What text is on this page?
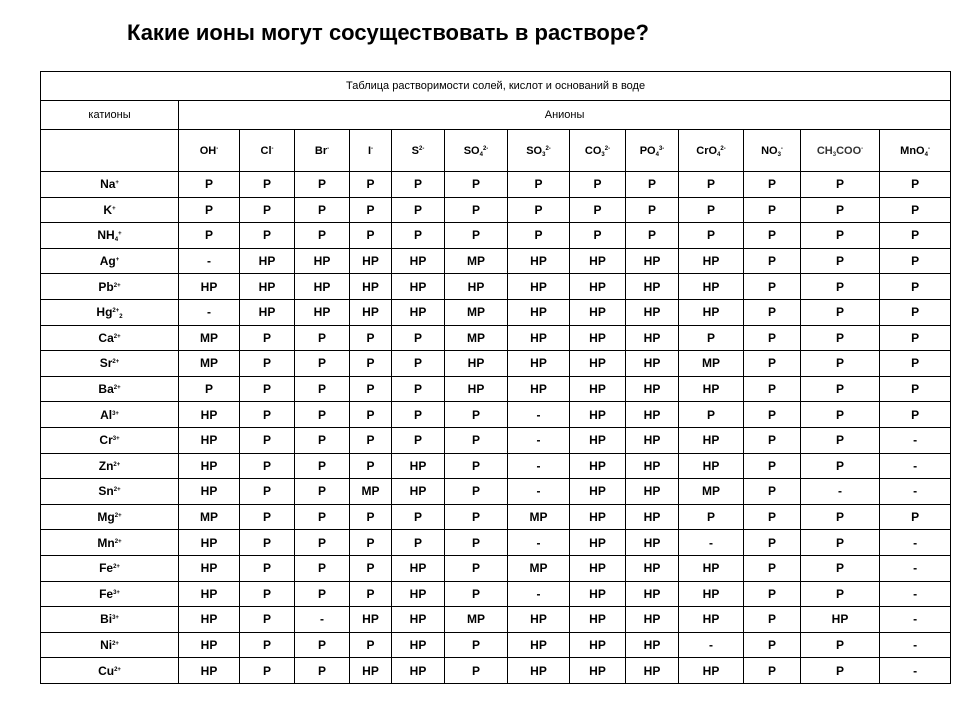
Какие ионы могут сосуществовать в растворе?
Таблица растворимости солей, кислот и оснований в воде													
катионы	Анионы												
	OH-	Cl-	Br-	I-	$S^{2-}$	$SO_4^{2-}$	$SO_3^{2-}$	$CO_3^{2-}$	$PO_4^{3-}$	CrO$_4^{2-}$	$NO_3^-$	$CH_3COO^-$	MnO$_4$-
Na+	Р	Р	Р	Р	Р	Р	Р	Р	Р	Р	Р	Р	Р
K+	Р	Р	Р	Р	Р	Р	Р	Р	Р	Р	Р	Р	Р
$NH_4^+$	Р	Р	Р	Р	Р	Р	Р	Р	Р	Р	Р	Р	Р
Ag+	-	НР	НР	НР	НР	МР	НР	НР	НР	НР	Р	Р	Р
$Pb^{2+}$	НР	НР	НР	НР	НР	НР	НР	НР	НР	НР	Р	Р	Р
$Hg^{2+}_2$	-	НР	НР	НР	НР	МР	НР	НР	НР	НР	Р	Р	Р
$Ca^{2+}$	МР	Р	Р	Р	Р	МР	НР	НР	НР	Р	Р	Р	Р
$Sr^{2+}$	МР	Р	Р	Р	Р	НР	НР	НР	НР	МР	Р	Р	Р
$Ba^{2+}$	Р	Р	Р	Р	Р	НР	НР	НР	НР	НР	Р	Р	Р
$Al^{3+}$	НР	Р	Р	Р	Р	Р	-	НР	НР	Р	Р	Р	Р
$Cr^{3+}$	НР	Р	Р	Р	Р	Р	-	НР	НР	НР	Р	Р	-
$Zn^{2+}$	НР	Р	Р	Р	НР	Р	-	НР	НР	НР	Р	Р	-
$Sn^{2+}$	НР	Р	Р	МР	НР	Р	-	НР	НР	МР	Р	-	-
$Mg^{2+}$	МР	Р	Р	Р	Р	Р	МР	НР	НР	Р	Р	Р	Р
$Mn^{2+}$	НР	Р	Р	Р	Р	Р	-	НР	НР	-	Р	Р	-
$Fe^{2+}$	НР	Р	Р	Р	НР	Р	МР	НР	НР	НР	Р	Р	-
$Fe^{3+}$	НР	Р	Р	Р	НР	Р	-	НР	НР	НР	Р	Р	-
$Bi^{3+}$	НР	Р	-	НР	НР	МР	НР	НР	НР	НР	Р	НР	-
$Ni^{2+}$	НР	Р	Р	Р	НР	Р	НР	НР	НР	-	Р	Р	-
$Cu^{2+}$	НР	Р	Р	НР	НР	Р	НР	НР	НР	НР	Р	Р	-
